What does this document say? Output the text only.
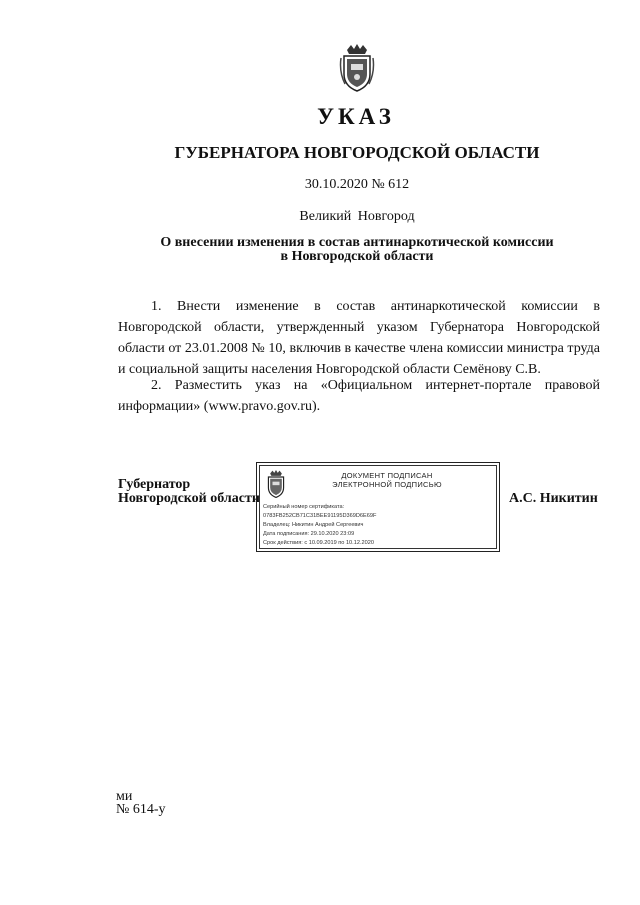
УКАЗ
ГУБЕРНАТОРА НОВГОРОДСКОЙ ОБЛАСТИ
30.10.2020 № 612
Великий Новгород
О внесении изменения в состав антинаркотической комиссии
в Новгородской области
1. Внести изменение в состав антинаркотической комиссии в Новгородской области, утвержденный указом Губернатора Новгородской области от 23.01.2008 № 10, включив в качестве члена комиссии министра труда и социальной защиты населения Новгородской области Семёнову С.В.
2. Разместить указ на «Официальном интернет-портале правовой информации» (www.pravo.gov.ru).
Губернатор
Новгородской области
ДОКУМЕНТ ПОДПИСАН
ЭЛЕКТРОННОЙ ПОДПИСЬЮ
Серийный номер сертификата:
0783FB252CB71C31BEE91195D369D6E69F
Владелец: Никитин Андрей Сергеевич
Дата подписания: 29.10.2020 23:09
Срок действия: с 10.09.2019 по 10.12.2020
А.С. Никитин
ми
№ 614-у
